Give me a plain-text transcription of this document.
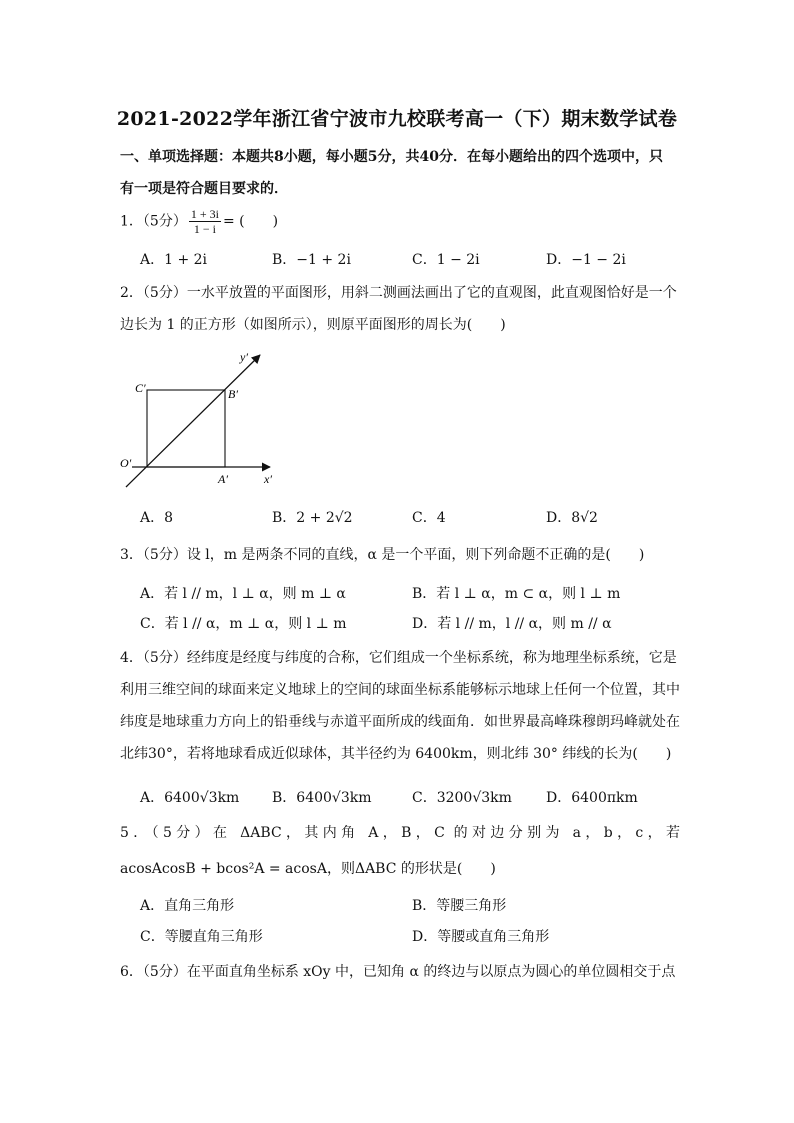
2021-2022学年浙江省宁波市九校联考高一（下）期末数学试卷
一、单项选择题：本题共8小题，每小题5分，共40分．在每小题给出的四个选项中，只
有一项是符合题目要求的．
1．（5分） $\frac{1 + 3i}{1 - i}$ = (　　)
A．1 + 2i	B．−1 + 2i	C．1 − 2i	D．−1 − 2i
2．（5分）一水平放置的平面图形，用斜二测画法画出了它的直观图，此直观图恰好是一个
边长为 1 的正方形（如图所示），则原平面图形的周长为(　　)
y′
x′
O′
A′
B′
C′
A．8	B．2 + 2√2	C．4	D．8√2
3．（5分）设 l，m 是两条不同的直线，α 是一个平面，则下列命题不正确的是(　　)
A．若 l // m，l ⊥ α，则 m ⊥ α	B．若 l ⊥ α，m ⊂ α，则 l ⊥ m
C．若 l // α，m ⊥ α，则 l ⊥ m	D．若 l // m，l // α，则 m // α
4．（5分）经纬度是经度与纬度的合称，它们组成一个坐标系统，称为地理坐标系统，它是
利用三维空间的球面来定义地球上的空间的球面坐标系能够标示地球上任何一个位置，其中
纬度是地球重力方向上的铅垂线与赤道平面所成的线面角．如世界最高峰珠穆朗玛峰就处在
北纬30°，若将地球看成近似球体，其半径约为 6400km，则北纬 30° 纬线的长为(　　)
A．6400√3km B．6400√3km	C．3200√3km D．6400πkm
5．（5分）在 ΔABC，其内角 A，B，C 的对边分别为 a，b，c，若
acosAcosB + bcos²A = acosA，则ΔABC 的形状是(　　)
A．直角三角形	B．等腰三角形
C．等腰直角三角形	D．等腰或直角三角形
6．（5分）在平面直角坐标系 xOy 中，已知角 α 的终边与以原点为圆心的单位圆相交于点
